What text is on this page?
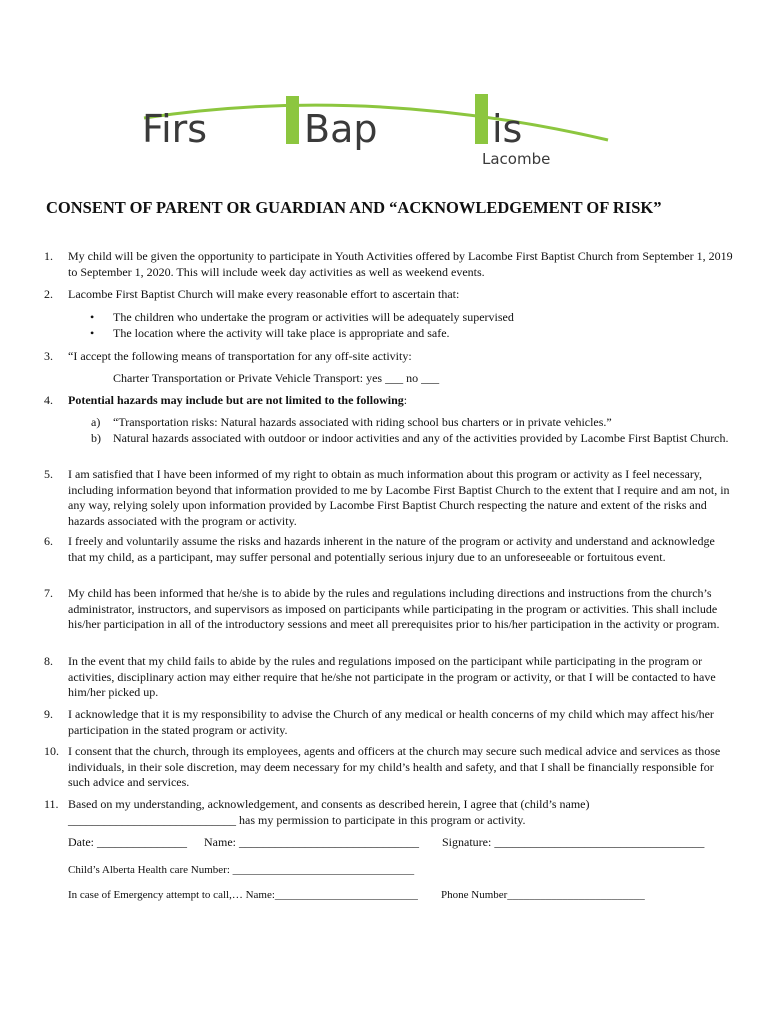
Firs	Bap	is
Lacombe
CONSENT OF PARENT OR GUARDIAN AND “ACKNOWLEDGEMENT OF RISK”
1. My child will be given the opportunity to participate in Youth Activities offered by Lacombe First Baptist Church from September 1, 2019 to September 1, 2020. This will include week day activities as well as weekend events.
2. Lacombe First Baptist Church will make every reasonable effort to ascertain that:
• The children who undertake the program or activities will be adequately supervised
• The location where the activity will take place is appropriate and safe.
3. “I accept the following means of transportation for any off-site activity:
Charter Transportation or Private Vehicle Transport: yes ___ no ___
4. Potential hazards may include but are not limited to the following:
a) “Transportation risks: Natural hazards associated with riding school bus charters or in private vehicles.”
b) Natural hazards associated with outdoor or indoor activities and any of the activities provided by Lacombe First Baptist Church.
5. I am satisfied that I have been informed of my right to obtain as much information about this program or activity as I feel necessary, including information beyond that information provided to me by Lacombe First Baptist Church to the extent that I require and am not, in any way, relying solely upon information provided by Lacombe First Baptist Church respecting the nature and extent of the risks and hazards associated with the program or activity.
6. I freely and voluntarily assume the risks and hazards inherent in the nature of the program or activity and understand and acknowledge that my child, as a participant, may suffer personal and potentially serious injury due to an unforeseeable or fortuitous event.
7. My child has been informed that he/she is to abide by the rules and regulations including directions and instructions from the church’s administrator, instructors, and supervisors as imposed on participants while participating in the program or activities. This shall include his/her participation in all of the introductory sessions and meet all prerequisites prior to his/her participation in the activity or program.
8. In the event that my child fails to abide by the rules and regulations imposed on the participant while participating in the program or activities, disciplinary action may either require that he/she not participate in the program or activity, or that I will be contacted to have him/her picked up.
9. I acknowledge that it is my responsibility to advise the Church of any medical or health concerns of my child which may affect his/her participation in the stated program or activity.
10. I consent that the church, through its employees, agents and officers at the church may secure such medical advice and services as those individuals, in their sole discretion, may deem necessary for my child’s health and safety, and that I shall be financially responsible for such advice and services.
11. Based on my understanding, acknowledgement, and consents as described herein, I agree that (child’s name) ____________________________ has my permission to participate in this program or activity.
Date: _______________ Name: ______________________________ Signature: ___________________________________
Child’s Alberta Health care Number: _________________________________
In case of Emergency attempt to call,… Name:__________________________ Phone Number_________________________
